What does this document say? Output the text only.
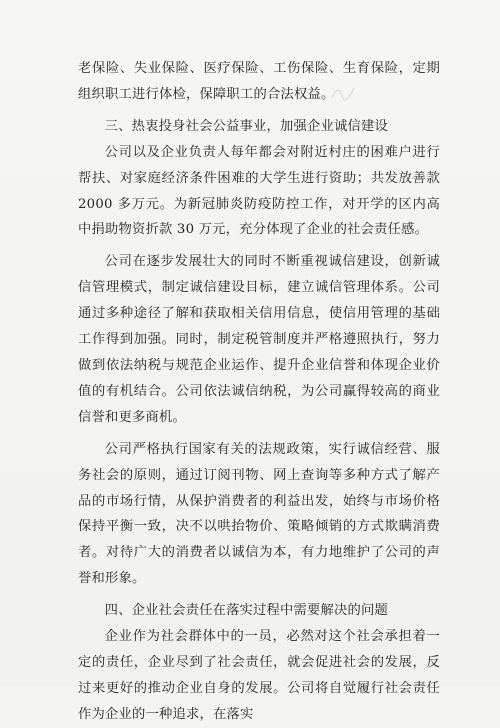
老保险、失业保险、医疗保险、工伤保险、生育保险，定期组织职工进行体检，保障职工的合法权益。

三、热衷投身社会公益事业，加强企业诚信建设

公司以及企业负责人每年都会对附近村庄的困难户进行帮扶、对家庭经济条件困难的大学生进行资助；共发放善款 2000 多万元。为新冠肺炎防疫防控工作，对开学的区内高中捐助物资折款 30 万元，充分体现了企业的社会责任感。

公司在逐步发展壮大的同时不断重视诚信建设，创新诚信管理模式，制定诚信建设目标，建立诚信管理体系。公司通过多种途径了解和获取相关信用信息，使信用管理的基础工作得到加强。同时，制定税管制度并严格遵照执行，努力做到依法纳税与规范企业运作、提升企业信誉和体现企业价值的有机结合。公司依法诚信纳税，为公司赢得较高的商业信誉和更多商机。

公司严格执行国家有关的法规政策，实行诚信经营、服务社会的原则，通过订阅刊物、网上查询等多种方式了解产品的市场行情，从保护消费者的利益出发，始终与市场价格保持平衡一致，决不以哄抬物价、策略倾销的方式欺瞒消费者。对待广大的消费者以诚信为本，有力地维护了公司的声誉和形象。

四、企业社会责任在落实过程中需要解决的问题

企业作为社会群体中的一员，必然对这个社会承担着一定的责任，企业尽到了社会责任，就会促进社会的发展，反过来更好的推动企业自身的发展。公司将自觉履行社会责任作为企业的一种追求，在落实
